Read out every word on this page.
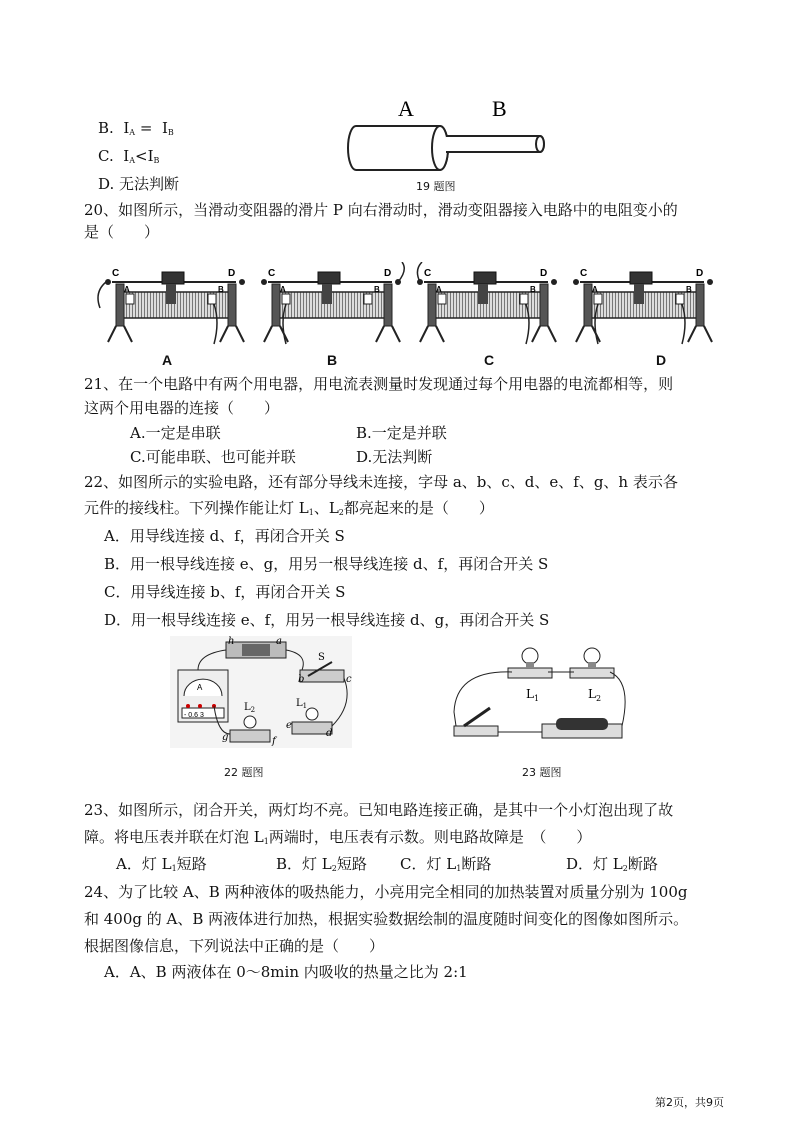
B. $I_A = I_B$
C. $I_A<I_B$
D. 无法判断
A	B
19 题图
20、如图所示，当滑动变阻器的滑片 P 向右滑动时，滑动变阻器接入电路中的电阻变小的
是（　　）
C	D
A	B
C	D
A	B
C	D
A	B
C	D
A	B
A	B	C	D
21、在一个电路中有两个用电器，用电流表测量时发现通过每个用电器的电流都相等，则
这两个用电器的连接（　　）
A.一定是串联	B.一定是并联
C.可能串联、也可能并联	D.无法判断
22、如图所示的实验电路，还有部分导线未连接，字母 a、b、c、d、e、f、g、h 表示各
元件的接线柱。下列操作能让灯 $L_1$、$L_2$都亮起来的是（　　）
A．用导线连接 d、f，再闭合开关 S
B．用一根导线连接 e、g，用另一根导线连接 d、f，再闭合开关 S
C．用导线连接 b、f，再闭合开关 S
D．用一根导线连接 e、f，用另一根导线连接 d、g，再闭合开关 S
h	a
A
- 0.6 3
S
b	c
$L_2$
g	f
$L_1$
e
d
22 题图
$L_1$	$L_2$
23 题图
23、如图所示，闭合开关，两灯均不亮。已知电路连接正确，是其中一个小灯泡出现了故
障。将电压表并联在灯泡 $L_1$两端时，电压表有示数。则电路故障是　（　　）
A．灯 $L_1$短路	B．灯 $L_2$短路 C．灯 $L_1$断路	D．灯 $L_2$断路
24、为了比较 A、B 两种液体的吸热能力，小亮用完全相同的加热装置对质量分别为 100g
和 400g 的 A、B 两液体进行加热，根据实验数据绘制的温度随时间变化的图像如图所示。
根据图像信息，下列说法中正确的是（　　）
A．A、B 两液体在 0～8min 内吸收的热量之比为 2:1
第2页，共9页
